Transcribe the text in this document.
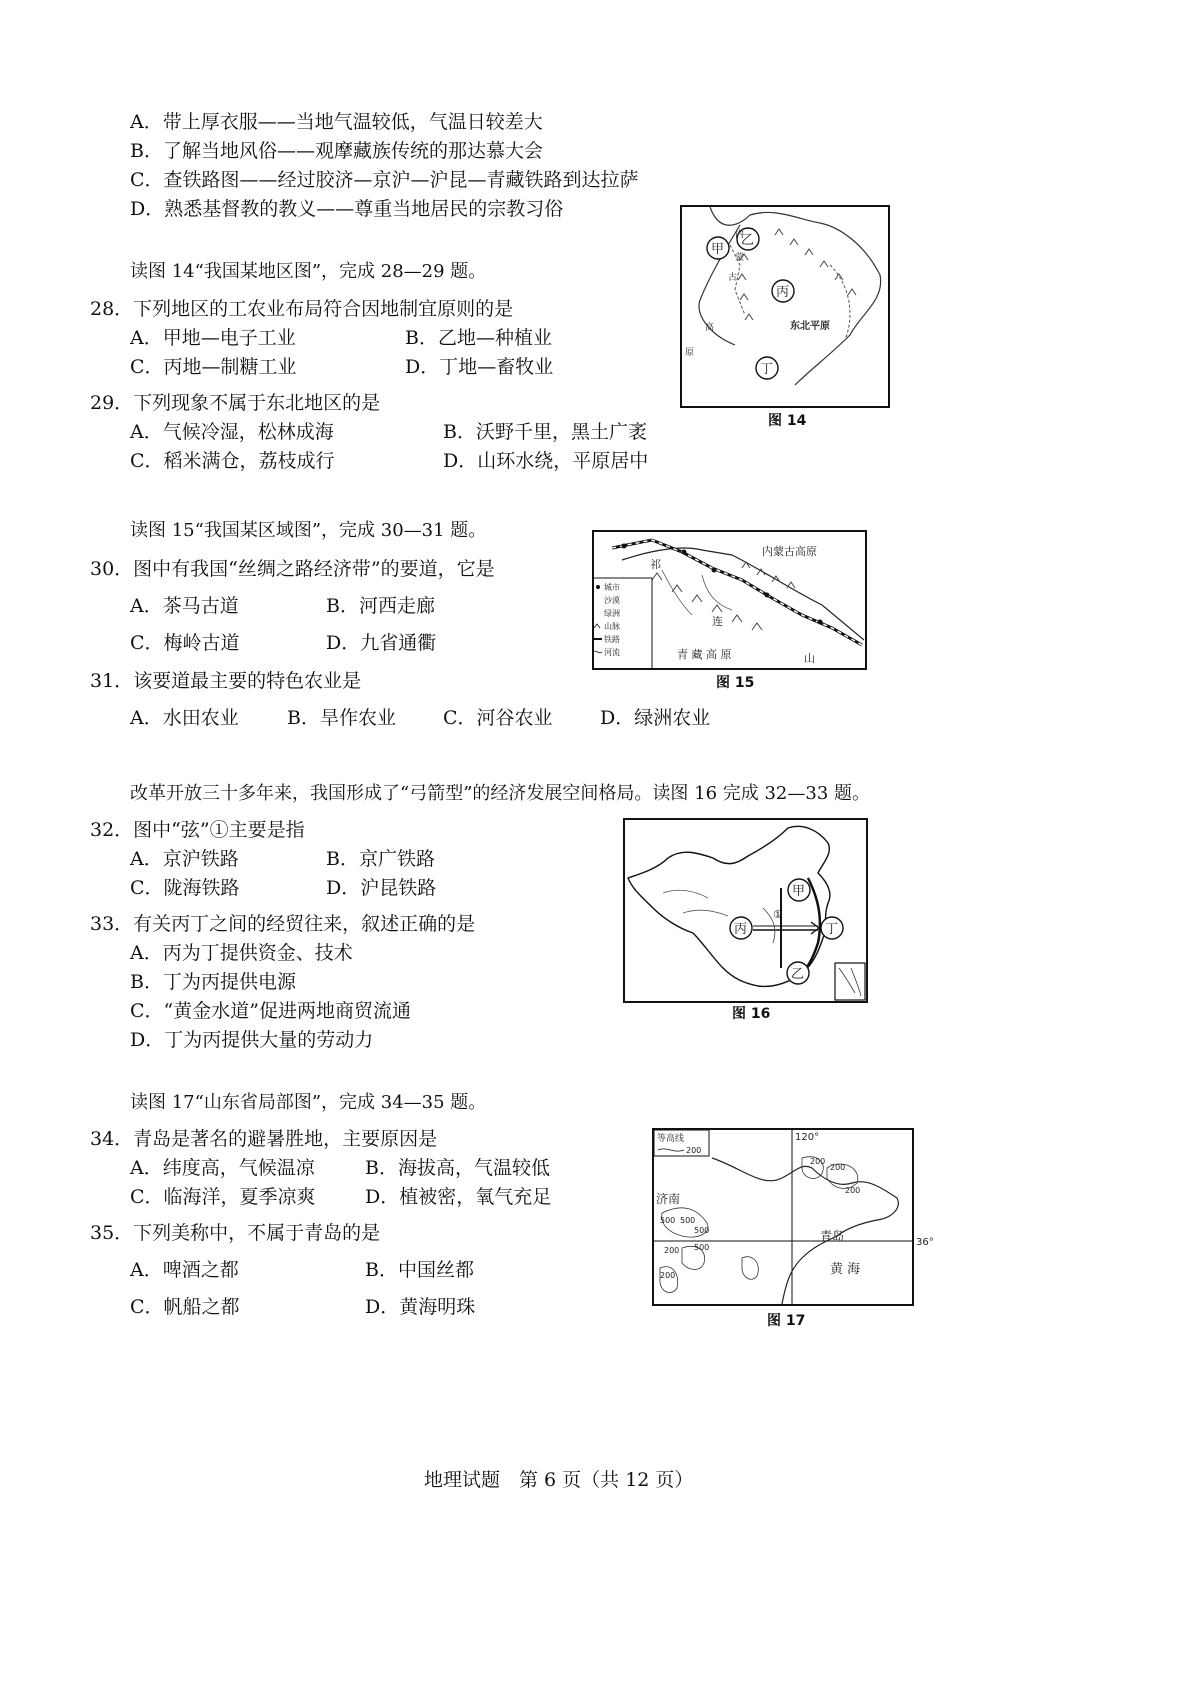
A．带上厚衣服——当地气温较低，气温日较差大
B．了解当地风俗——观摩藏族传统的那达慕大会
C．查铁路图——经过胶济—京沪—沪昆—青藏铁路到达拉萨
D．熟悉基督教的教义——尊重当地居民的宗教习俗
读图 14“我国某地区图”，完成 28—29 题。
28．下列地区的工农业布局符合因地制宜原则的是
A．甲地—电子工业	B．乙地—种植业
C．丙地—制糖工业	D．丁地—畜牧业
29．下列现象不属于东北地区的是
A．气候冷湿，松林成海	B．沃野千里，黑土广袤
C．稻米满仓，荔枝成行	D．山环水绕，平原居中
甲
乙
丙
丁
东北平原
内
蒙
古
高
原
图 14
读图 15“我国某区域图”，完成 30—31 题。
30．图中有我国“丝绸之路经济带”的要道，它是
A．茶马古道	B．河西走廊
C．梅岭古道	D．九省通衢
31．该要道最主要的特色农业是
A．水田农业	B．旱作农业 C．河谷农业 D．绿洲农业
城市
沙漠
绿洲
山脉
铁路
河流
内蒙古高原
青 藏 高 原
祁
连
山
图 15
改革开放三十多年来，我国形成了“弓箭型”的经济发展空间格局。读图 16 完成 32—33 题。
32．图中“弦”①主要是指
A．京沪铁路	B．京广铁路
C．陇海铁路	D．沪昆铁路
33．有关丙丁之间的经贸往来，叙述正确的是
A．丙为丁提供资金、技术
B．丁为丙提供电源
C．“黄金水道”促进两地商贸流通
D．丁为丙提供大量的劳动力
甲
丙	丁
乙
①
图 16
读图 17“山东省局部图”，完成 34—35 题。
34．青岛是著名的避暑胜地，主要原因是
A．纬度高，气候温凉	B．海拔高，气温较低
C．临海洋，夏季凉爽	D．植被密，氧气充足
35．下列美称中，不属于青岛的是
A．啤酒之都	B．中国丝都
C．帆船之都	D．黄海明珠
等高线
200
120°
36°
济南
青岛
黄 海
200
200
200
500 500
500
500
200
200
图 17
地理试题　第 6 页（共 12 页）
